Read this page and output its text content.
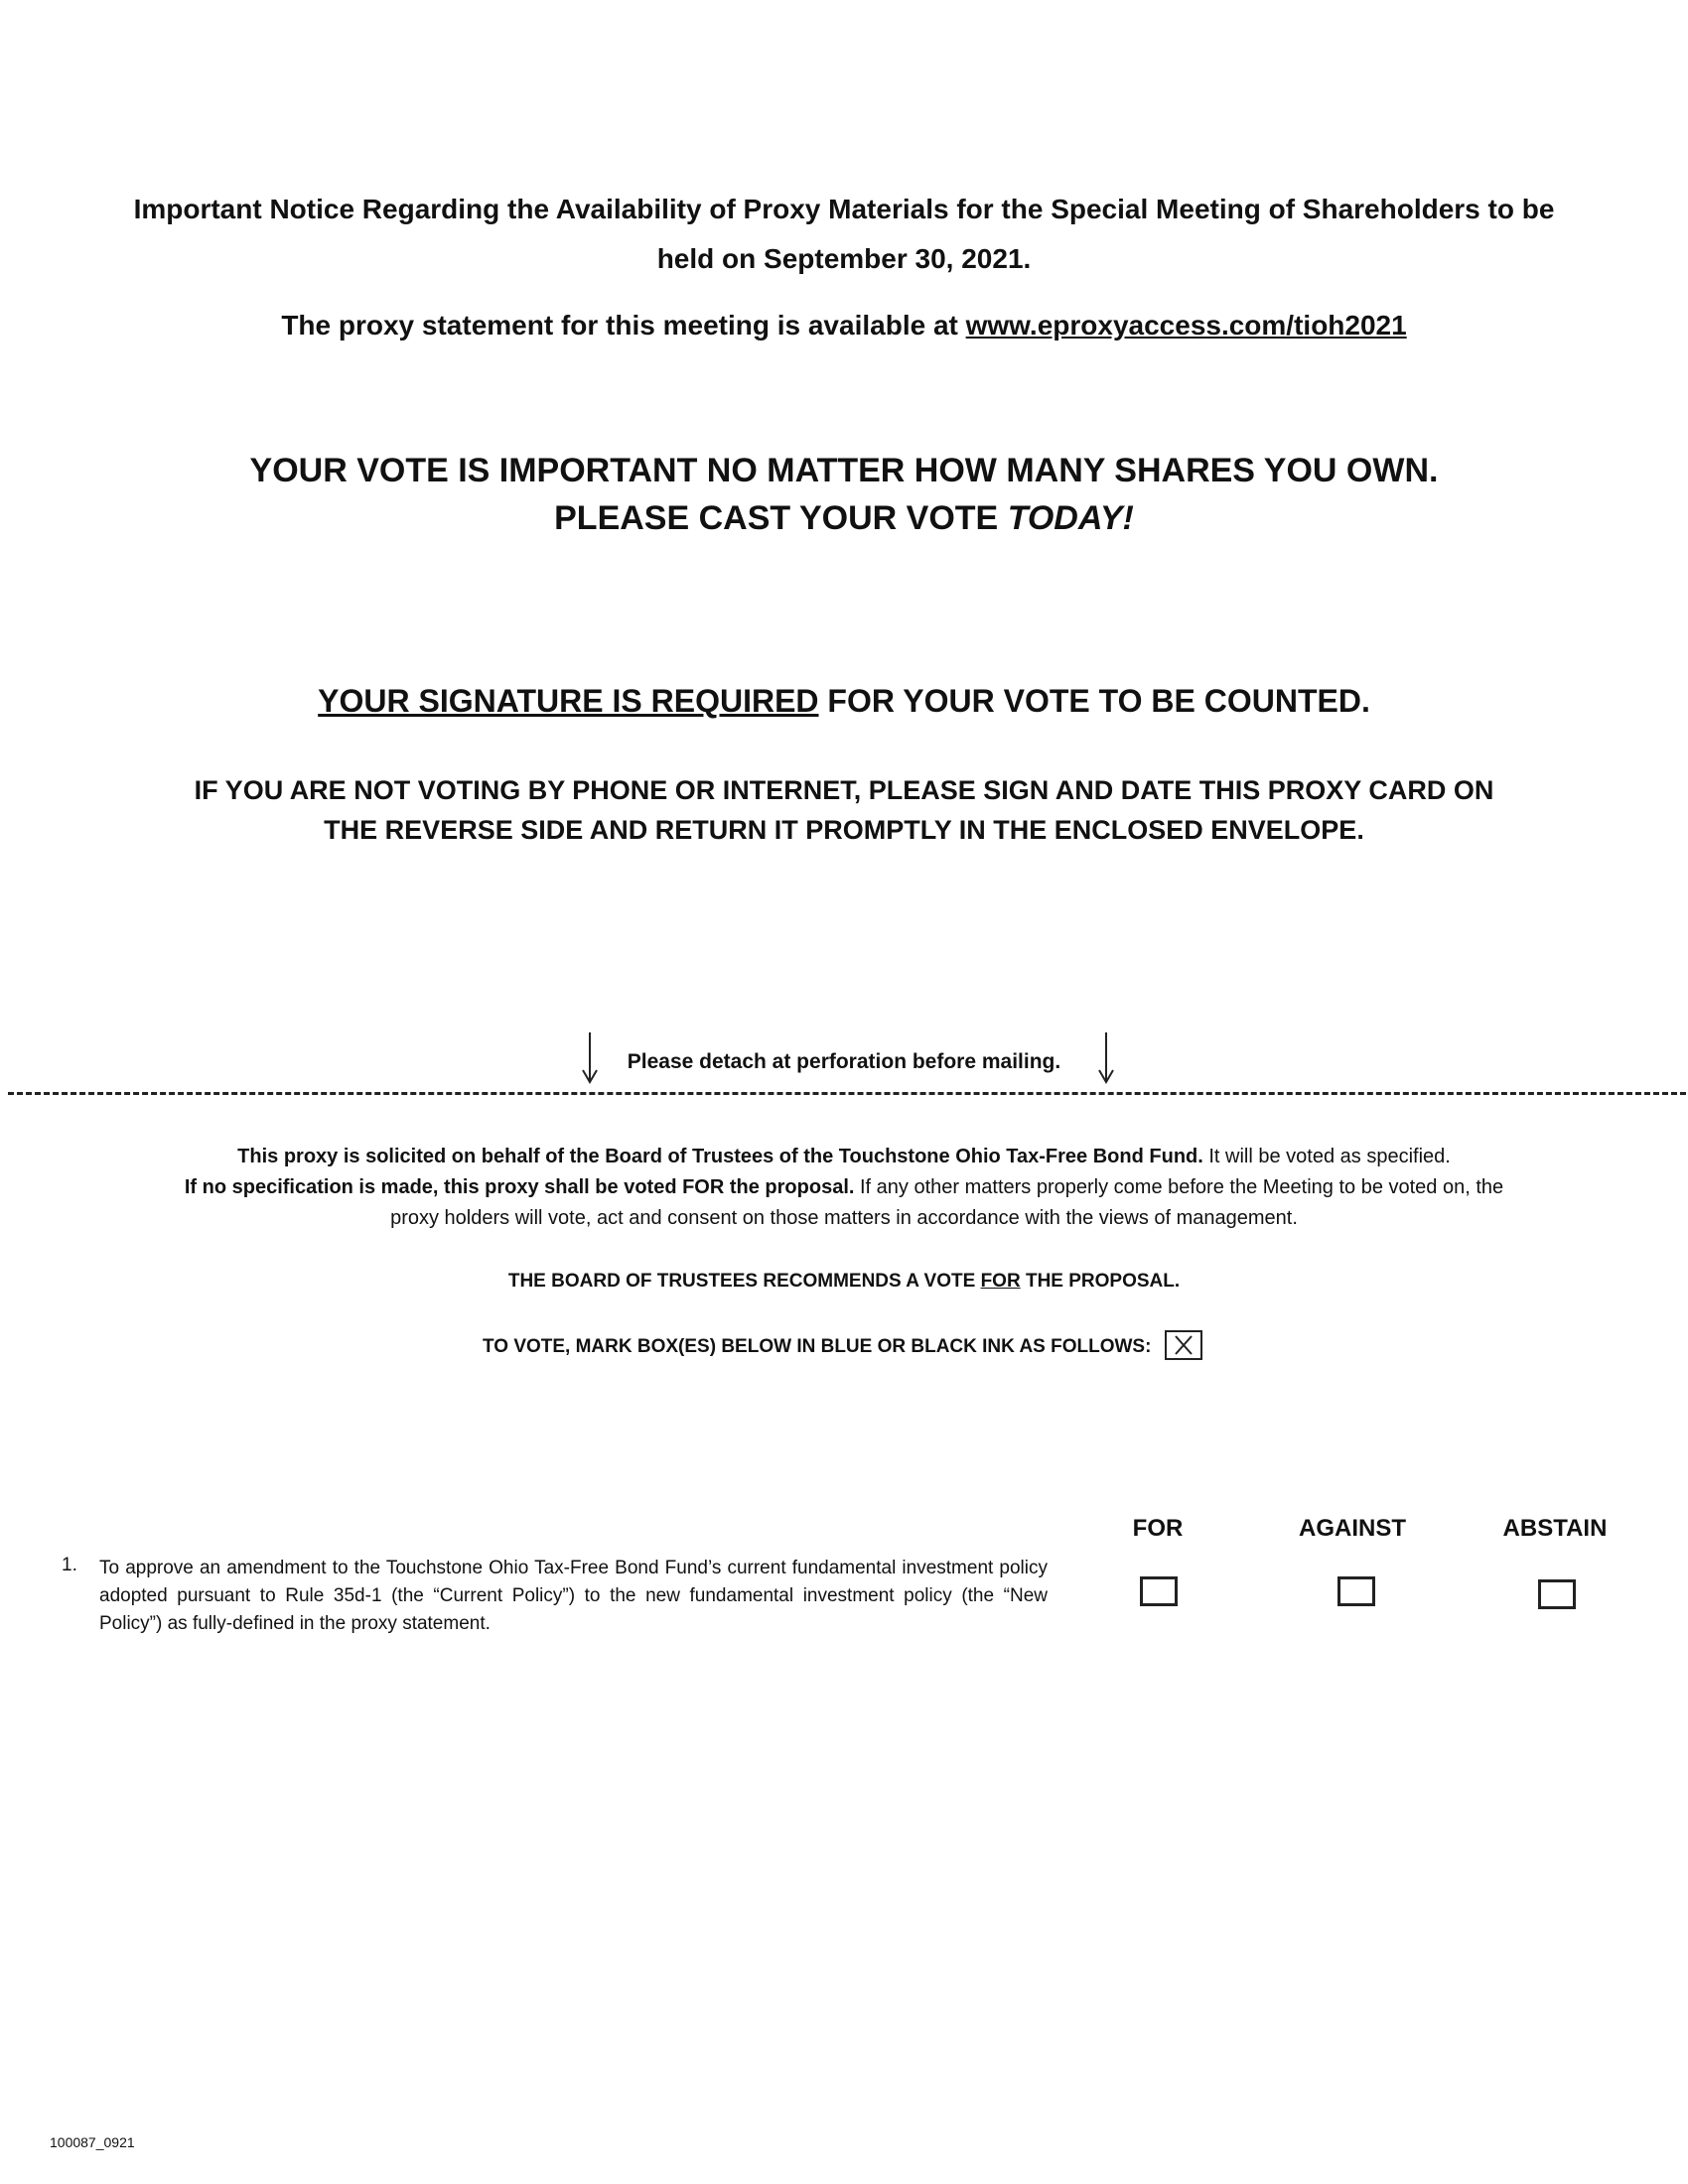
Important Notice Regarding the Availability of Proxy Materials for the Special Meeting of Shareholders to be
held on September 30, 2021.
The proxy statement for this meeting is available at www.eproxyaccess.com/tioh2021
YOUR VOTE IS IMPORTANT NO MATTER HOW MANY SHARES YOU OWN.
PLEASE CAST YOUR VOTE TODAY!
YOUR SIGNATURE IS REQUIRED FOR YOUR VOTE TO BE COUNTED.
IF YOU ARE NOT VOTING BY PHONE OR INTERNET, PLEASE SIGN AND DATE THIS PROXY CARD ON THE REVERSE SIDE AND RETURN IT PROMPTLY IN THE ENCLOSED ENVELOPE.
Please detach at perforation before mailing.
This proxy is solicited on behalf of the Board of Trustees of the Touchstone Ohio Tax-Free Bond Fund. It will be voted as specified.
If no specification is made, this proxy shall be voted FOR the proposal. If any other matters properly come before the Meeting to be voted on, the proxy holders will vote, act and consent on those matters in accordance with the views of management.
THE BOARD OF TRUSTEES RECOMMENDS A VOTE FOR THE PROPOSAL.
TO VOTE, MARK BOX(ES) BELOW IN BLUE OR BLACK INK AS FOLLOWS:
FOR	AGAINST	ABSTAIN
1. To approve an amendment to the Touchstone Ohio Tax-Free Bond Fund’s current fundamental investment policy adopted pursuant to Rule 35d-1 (the “Current Policy”) to the new fundamental investment policy (the “New Policy”) as fully-defined in the proxy statement.
100087_0921
